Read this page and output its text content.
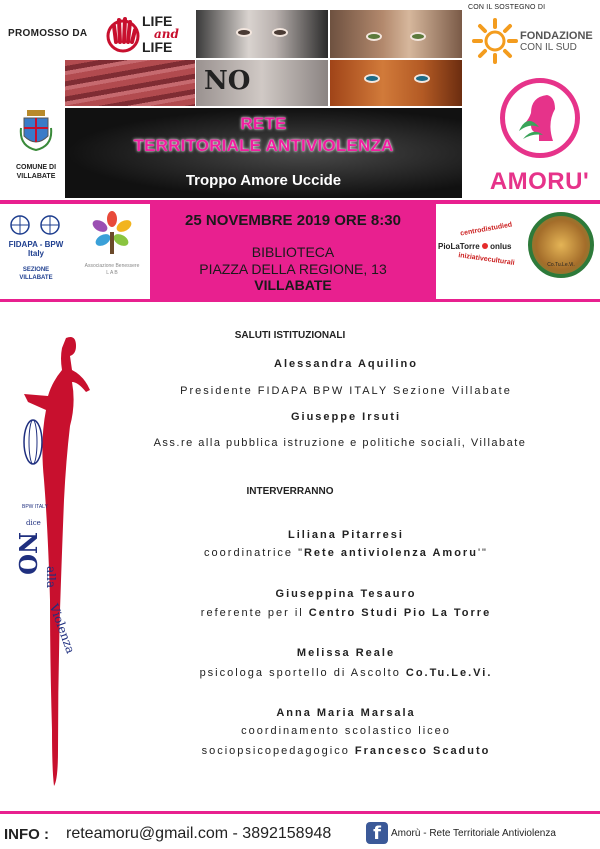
PROMOSSO DA
LIFE
and
LIFE
NO
RETE
TERRITORIALE ANTIVIOLENZA
Troppo Amore Uccide
COMUNE DI
VILLABATE
CON IL SOSTEGNO DI
FONDAZIONE
CON IL SUD
AMORU'
25 NOVEMBRE 2019 ORE 8:30
BIBLIOTECA
PIAZZA DELLA REGIONE, 13
VILLABATE
FIDAPA - BPW Italy
SEZIONE
VILLABATE
Associazione Benessere
L A B
centrodistudied
PioLaTorre onlus
iniziativeculturali	Co.Tu.Le.Vi.
BPW ITALY
dice
NO
alla
Violenza
SALUTI ISTITUZIONALI
Alessandra Aquilino
Presidente FIDAPA BPW ITALY Sezione Villabate
Giuseppe Irsuti
Ass.re alla pubblica istruzione e politiche sociali, Villabate
INTERVERRANNO
Liliana Pitarresi
coordinatrice "Rete antiviolenza Amoru'"
Giuseppina Tesauro
referente per il Centro Studi Pio La Torre
Melissa Reale
psicologa sportello di Ascolto Co.Tu.Le.Vi.
Anna Maria Marsala
coordinamento scolastico liceo
sociopsicopedagogico Francesco Scaduto
INFO : reteamoru@gmail.com - 3892158948	f	Amorù - Rete Territoriale Antiviolenza
